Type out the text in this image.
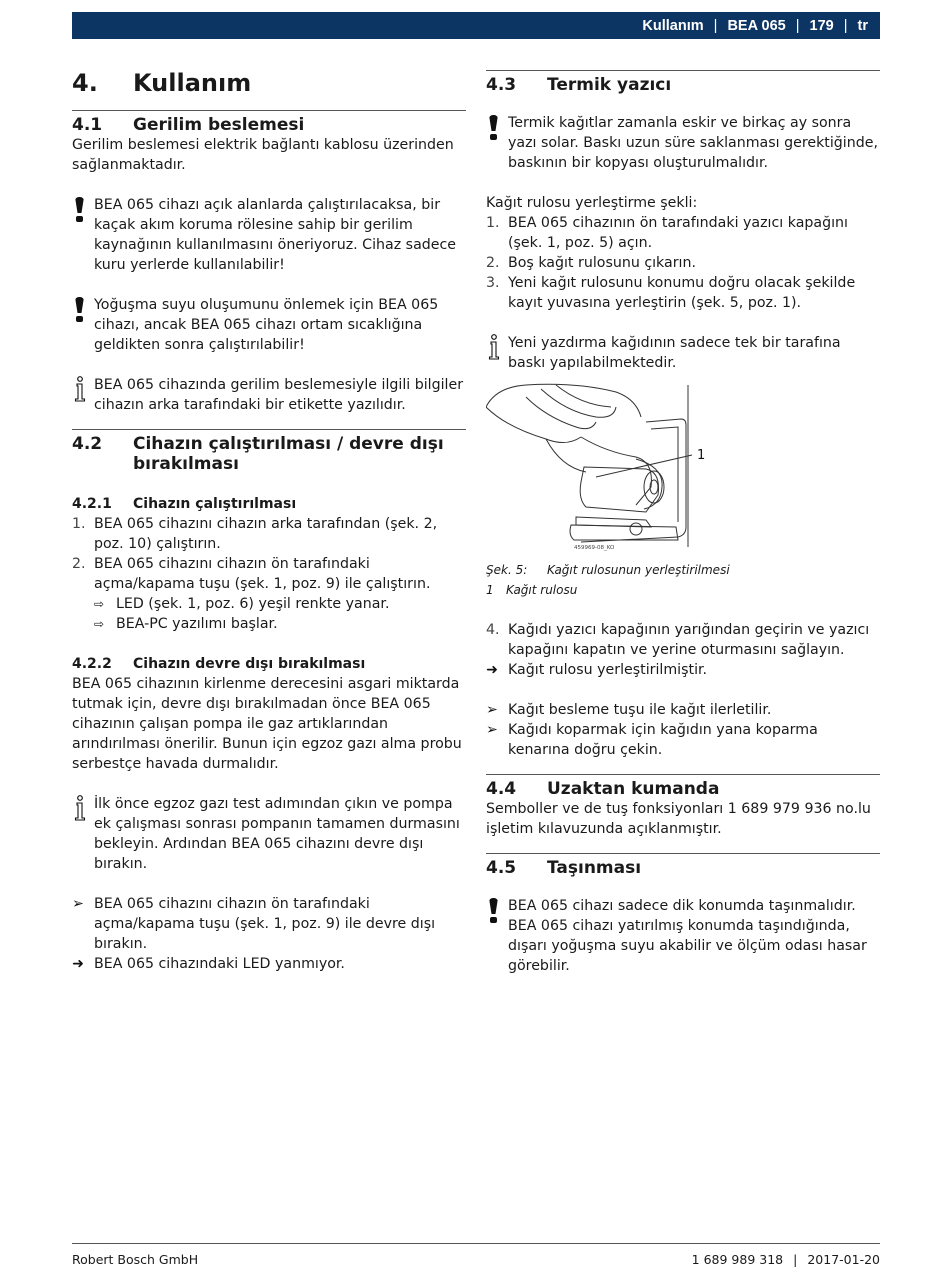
Kullanım | BEA 065 | 179 | tr
4.	Kullanım
4.1	Gerilim beslemesi

Gerilim beslemesi elektrik bağlantı kablosu üzerinden sağlanmaktadır.

BEA 065 cihazı açık alanlarda çalıştırılacaksa, bir kaçak akım koruma rölesine sahip bir gerilim kaynağının kullanılmasını öneriyoruz. Cihaz sadece kuru yerlerde kullanılabilir!

Yoğuşma suyu oluşumunu önlemek için BEA 065 cihazı, ancak BEA 065 cihazı ortam sıcaklığına geldikten sonra çalıştırılabilir!

BEA 065 cihazında gerilim beslemesiyle ilgili bilgiler cihazın arka tarafındaki bir etikette yazılıdır.

4.2	Cihazın çalıştırılması / devre dışı bırakılması
4.2.1	Cihazın çalıştırılması
1. BEA 065 cihazını cihazın arka tarafından (şek. 2, poz. 10) çalıştırın.
2. BEA 065 cihazını cihazın ön tarafındaki açma/kapama tuşu (şek. 1, poz. 9) ile çalıştırın.
⇨ LED (şek. 1, poz. 6) yeşil renkte yanar.
⇨ BEA-PC yazılımı başlar.
4.2.2	Cihazın devre dışı bırakılması

BEA 065 cihazının kirlenme derecesini asgari miktarda tutmak için, devre dışı bırakılmadan önce BEA 065 cihazının çalışan pompa ile gaz artıklarından arındırılması önerilir. Bunun için egzoz gazı alma probu serbestçe havada durmalıdır.

İlk önce egzoz gazı test adımından çıkın ve pompa ek çalışması sonrası pompanın tamamen durmasını bekleyin. Ardından BEA 065 cihazını devre dışı bırakın.

➢ BEA 065 cihazını cihazın ön tarafındaki açma/kapama tuşu (şek. 1, poz. 9) ile devre dışı bırakın.
➜ BEA 065 cihazındaki LED yanmıyor.
4.3	Termik yazıcı

Termik kağıtlar zamanla eskir ve birkaç ay sonra yazı solar. Baskı uzun süre saklanması gerektiğinde, baskının bir kopyası oluşturulmalıdır.

Kağıt rulosu yerleştirme şekli:

1. BEA 065 cihazının ön tarafındaki yazıcı kapağını (şek. 1, poz. 5) açın.
2. Boş kağıt rulosunu çıkarın.
3. Yeni kağıt rulosunu konumu doğru olacak şekilde kayıt yuvasına yerleştirin (şek. 5, poz. 1).

Yeni yazdırma kağıdının sadece tek bir tarafına baskı yapılabilmektedir.

1
459969-08_KO
Şek. 5:	Kağıt rulosunun yerleştirilmesi
1	Kağıt rulosu
4. Kağıdı yazıcı kapağının yarığından geçirin ve yazıcı kapağını kapatın ve yerine oturmasını sağlayın.
➜ Kağıt rulosu yerleştirilmiştir.
➢ Kağıt besleme tuşu ile kağıt ilerletilir.
➢ Kağıdı koparmak için kağıdın yana koparma kenarına doğru çekin.
4.4	Uzaktan kumanda

Semboller ve de tuş fonksiyonları 1 689 979 936 no.lu işletim kılavuzunda açıklanmıştır.

4.5	Taşınması

BEA 065 cihazı sadece dik konumda taşınmalıdır. BEA 065 cihazı yatırılmış konumda taşındığında, dışarı yoğuşma suyu akabilir ve ölçüm odası hasar görebilir.

Robert Bosch GmbH	1 689 989 318 | 2017-01-20
